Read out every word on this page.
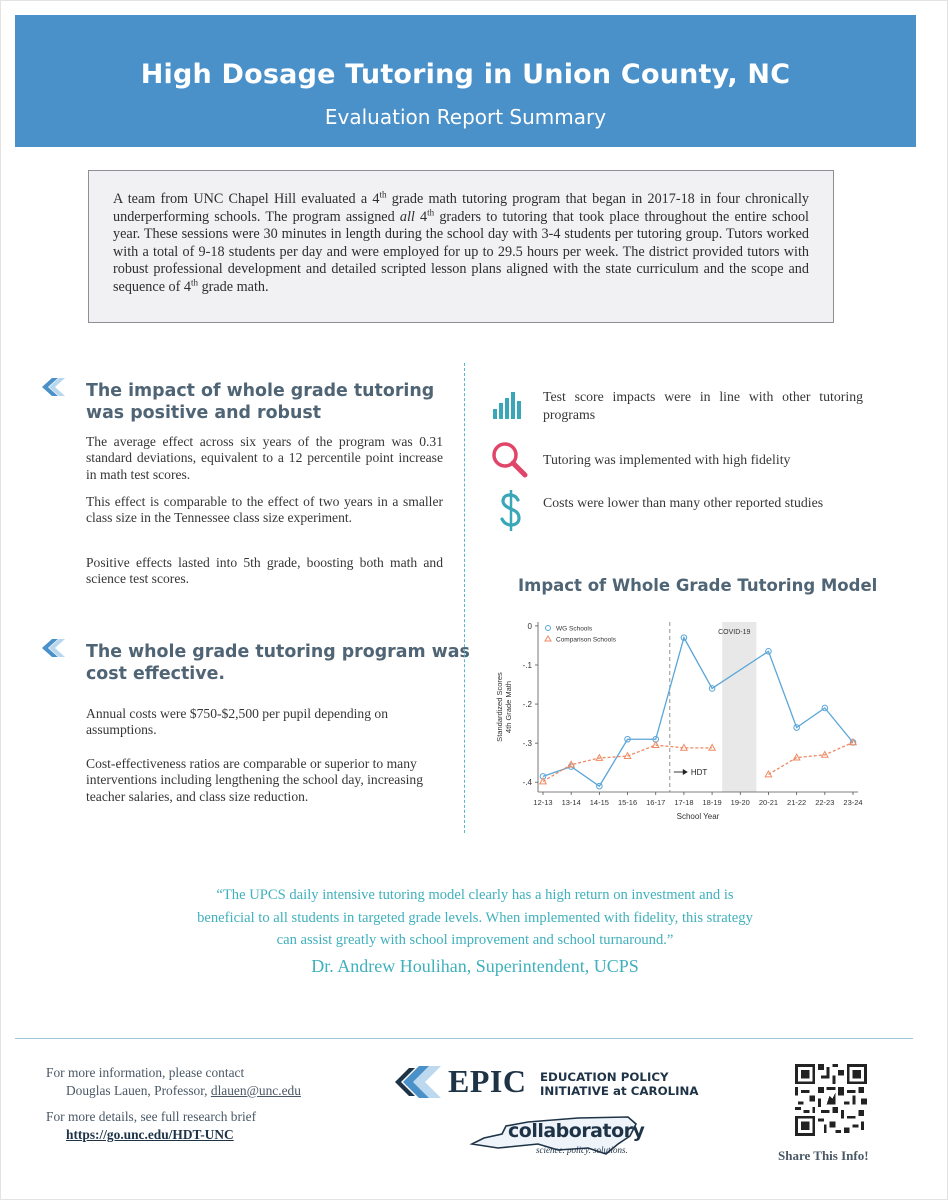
High Dosage Tutoring in Union County, NC
Evaluation Report Summary
A team from UNC Chapel Hill evaluated a 4th grade math tutoring program that began in 2017-18 in four chronically underperforming schools. The program assigned all 4th graders to tutoring that took place throughout the entire school year. These sessions were 30 minutes in length during the school day with 3-4 students per tutoring group. Tutors worked with a total of 9-18 students per day and were employed for up to 29.5 hours per week. The district provided tutors with robust professional development and detailed scripted lesson plans aligned with the state curriculum and the scope and sequence of 4th grade math.
The impact of whole grade tutoring
was positive and robust

The average effect across six years of the program was 0.31 standard deviations, equivalent to a 12 percentile point increase in math test scores.

This effect is comparable to the effect of two years in a smaller class size in the Tennessee class size experiment.

Positive effects lasted into 5th grade, boosting both math and science test scores.

The whole grade tutoring program was
cost effective.

Annual costs were $750-$2,500 per pupil depending on assumptions.

Cost-effectiveness ratios are comparable or superior to many interventions including lengthening the school day, increasing teacher salaries, and class size reduction.

Test score impacts were in line with other tutoring programs
Tutoring was implemented with high fidelity
Costs were lower than many other reported studies
Impact of Whole Grade Tutoring Model
COVID-19
0
-.1
-.2
-.3
-.4
12-13 13-14 14-15 15-16 16-17 17-18 18-19 19-20 20-21 21-22 22-23 23-24
School Year
Standardized Scores4th Grade Math
HDT
WG Schools
Comparison Schools
“The UPCS daily intensive tutoring model clearly has a high return on investment and is
beneficial to all students in targeted grade levels. When implemented with fidelity, this strategy
can assist greatly with school improvement and school turnaround.”
Dr. Andrew Houlihan, Superintendent, UCPS
For more information, please contact
Douglas Lauen, Professor, dlauen@unc.edu
For more details, see full research brief
https://go.unc.edu/HDT-UNC
EPIC EDUCATION POLICY
INITIATIVE at CAROLINA
collaboratory
science. policy. solutions.	Share This Info!
